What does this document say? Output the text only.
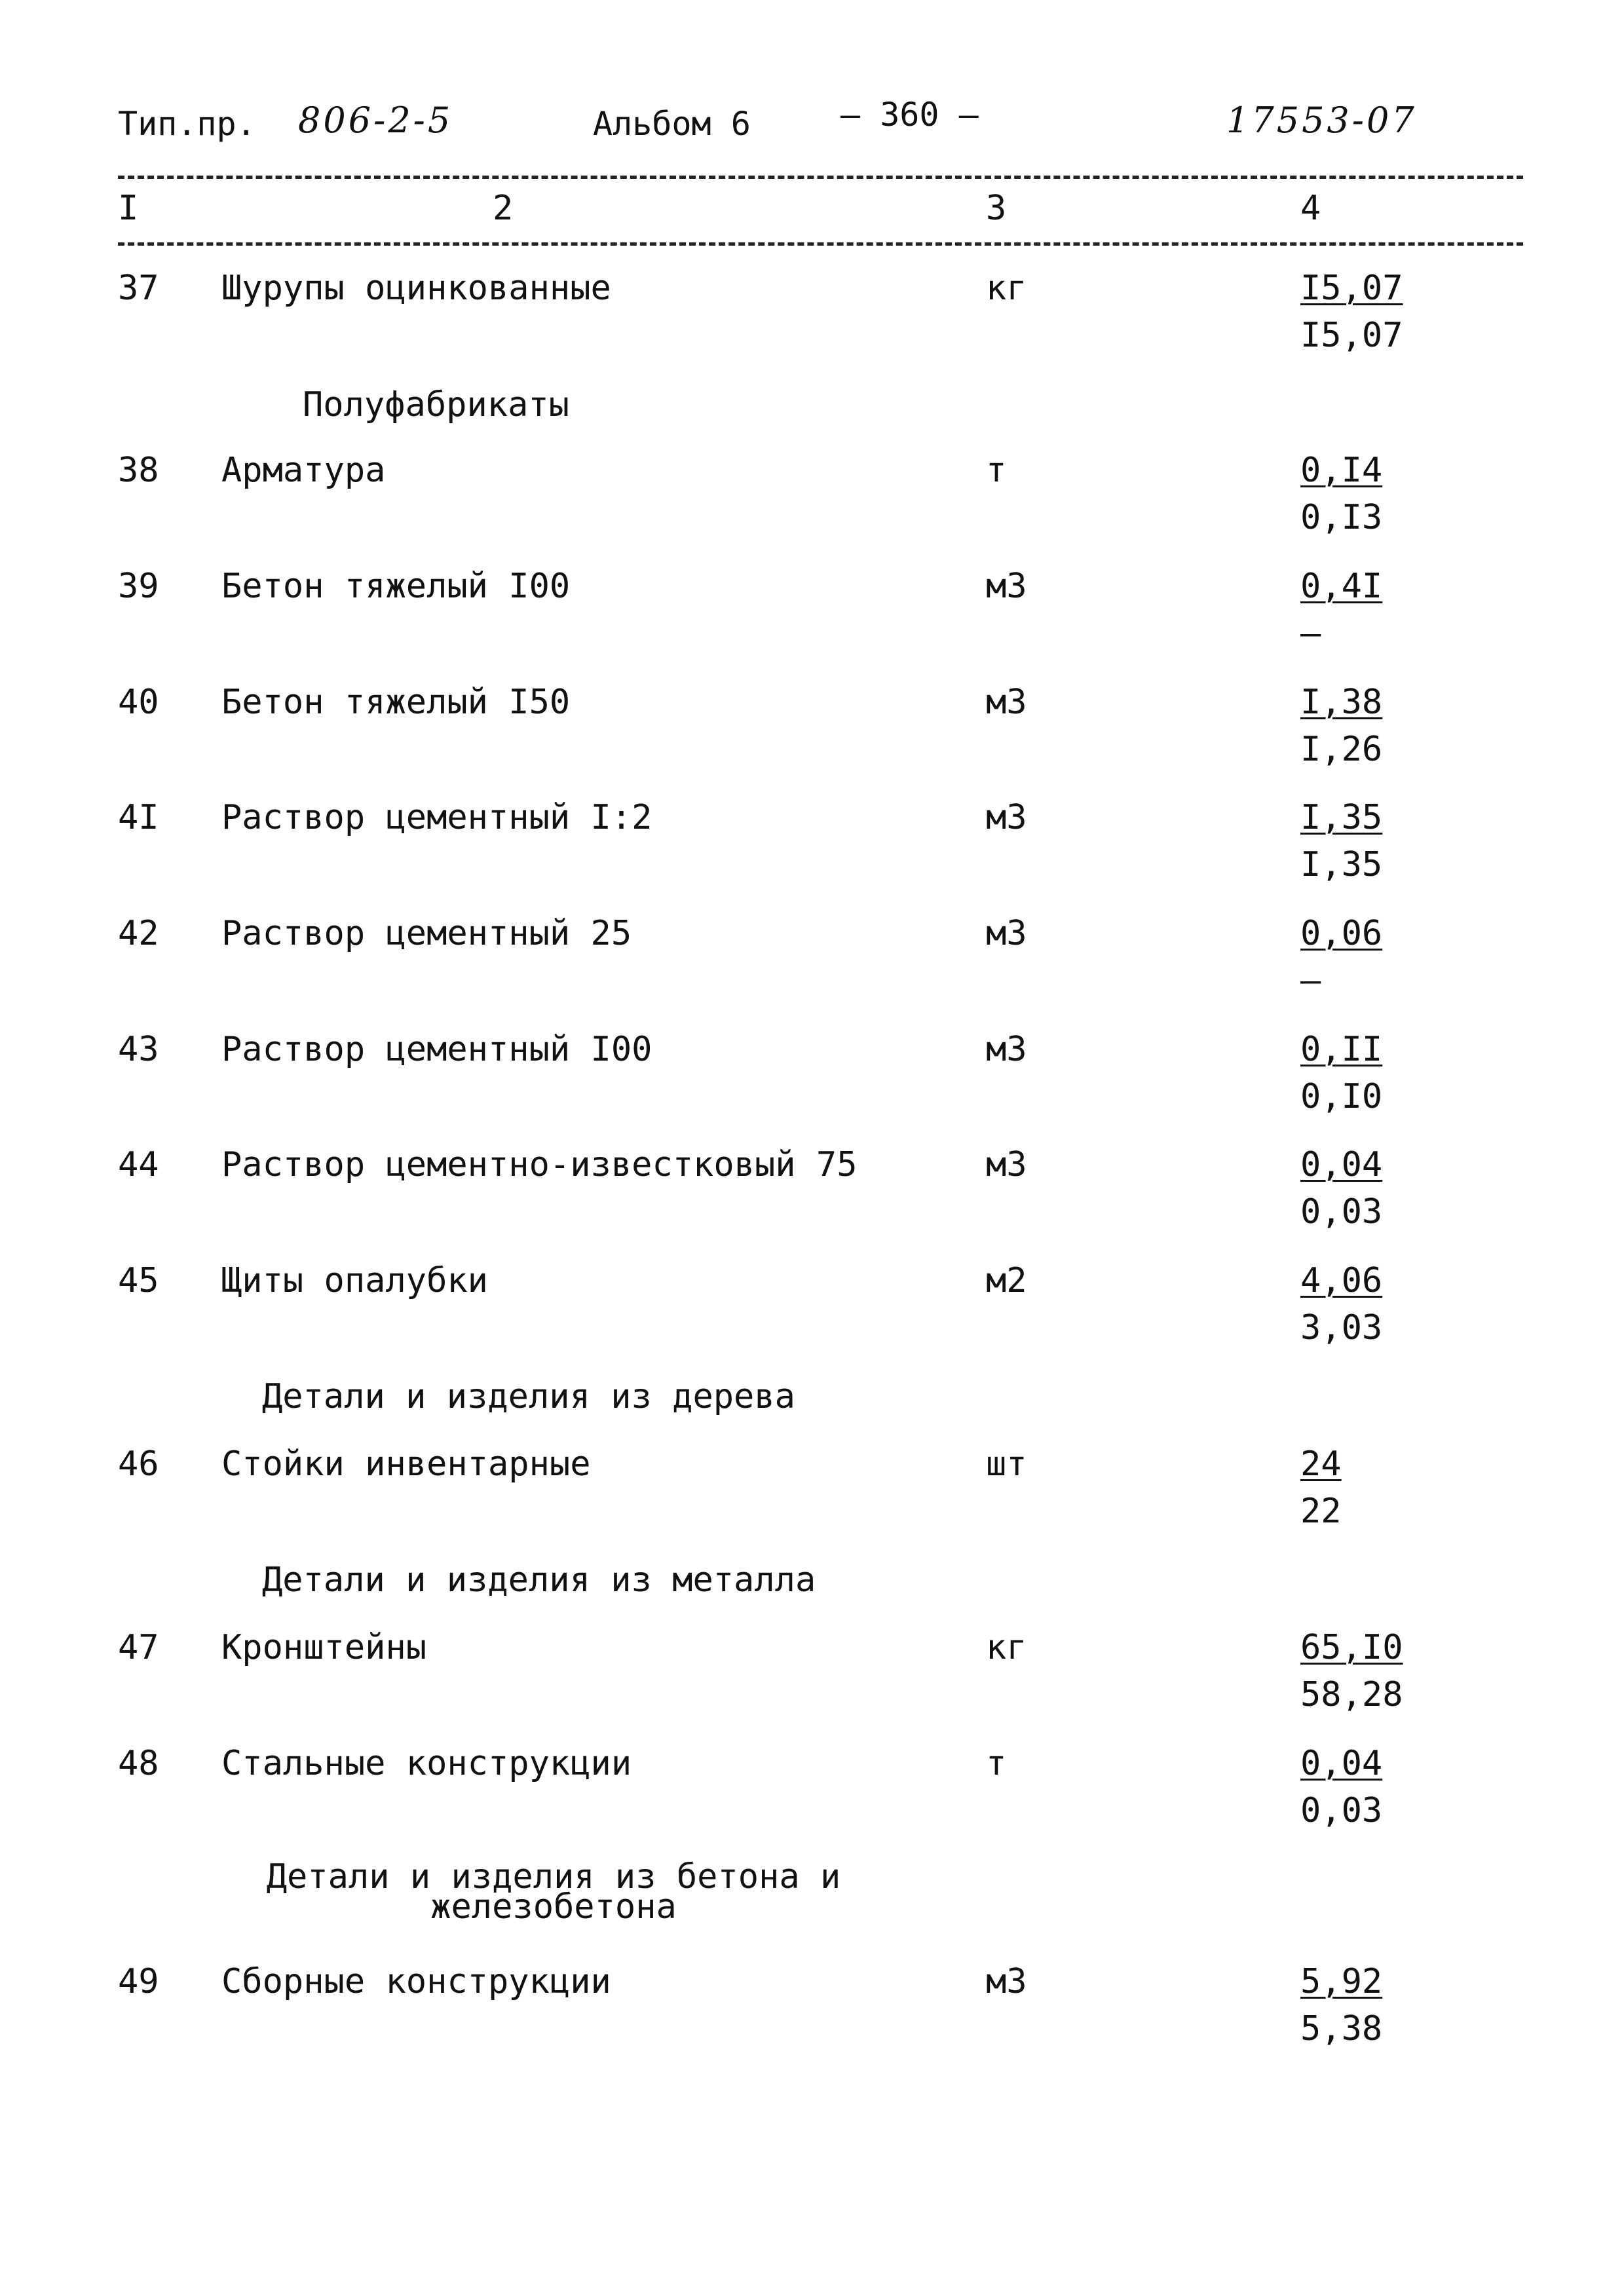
Тип.пр. 806-2-5	Альбом 6	– 360 –	17553-07
I	2	3	4
37 Шурупы оцинкованные	кг	I5,07
I5,07
Полуфабрикаты
38 Арматура	т	0,I4
0,I3
39 Бетон тяжелый I00	м3	0,4I
–
40 Бетон тяжелый I50	м3	I,38
I,26
4I Раствор цементный I:2	м3	I,35
I,35
42 Раствор цементный 25	м3	0,06
–
43 Раствор цементный I00	м3	0,II
0,I0
44 Раствор цементно-известковый 75	м3	0,04
0,03
45 Щиты опалубки	м2	4,06
3,03
Детали и изделия из дерева
46 Стойки инвентарные	шт	24
22
Детали и изделия из металла
47 Кронштейны	кг	65,I0
58,28
48 Стальные конструкции	т	0,04
0,03
Детали и изделия из бетона и
железобетона
49 Сборные конструкции	м3	5,92
5,38
